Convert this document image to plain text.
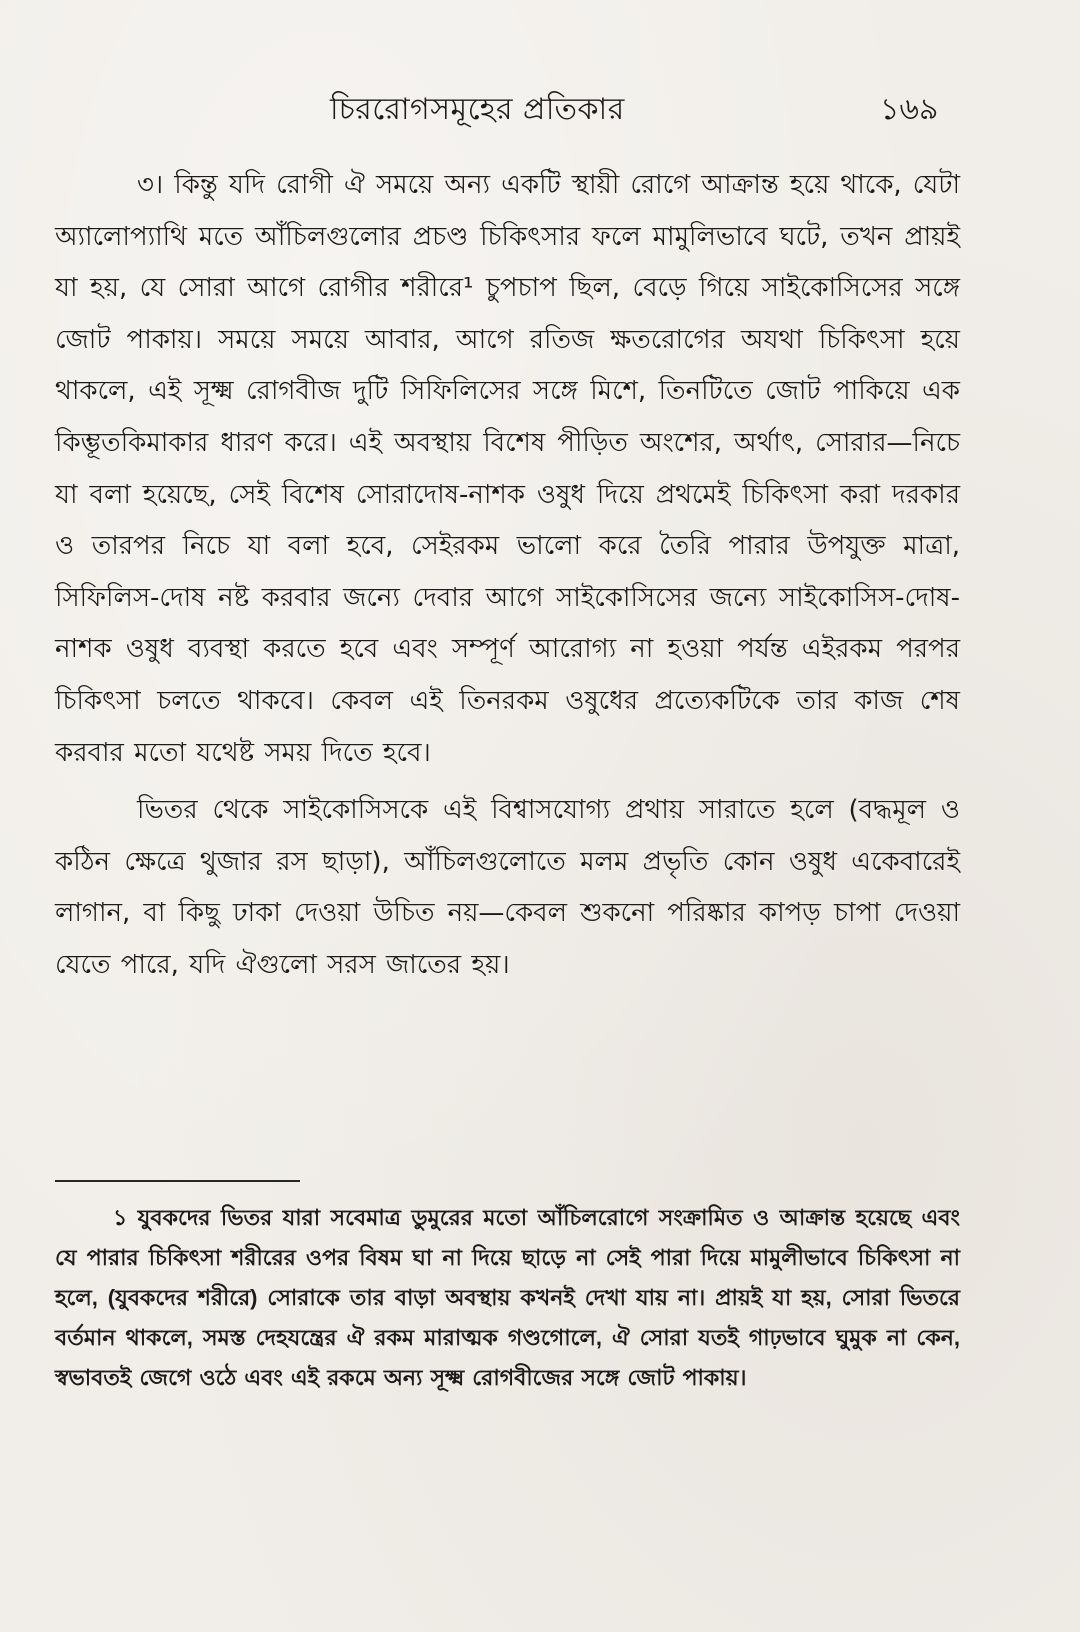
চিররোগসমূহের প্রতিকার	১৬৯

৩। কিন্তু যদি রোগী ঐ সময়ে অন্য একটি স্থায়ী রোগে আক্রান্ত হয়ে থাকে, যেটা অ্যালোপ্যাথি মতে আঁচিলগুলোর প্রচণ্ড চিকিৎসার ফলে মামুলিভাবে ঘটে, তখন প্রায়ই যা হয়, যে সোরা আগে রোগীর শরীরে¹ চুপচাপ ছিল, বেড়ে গিয়ে সাইকোসিসের সঙ্গে জোট পাকায়। সময়ে সময়ে আবার, আগে রতিজ ক্ষতরোগের অযথা চিকিৎসা হয়ে থাকলে, এই সূক্ষ্ম রোগবীজ দুটি সিফিলিসের সঙ্গে মিশে, তিনটিতে জোট পাকিয়ে এক কিম্ভূতকিমাকার ধারণ করে। এই অবস্থায় বিশেষ পীড়িত অংশের, অর্থাৎ, সোরার—নিচে যা বলা হয়েছে, সেই বিশেষ সোরাদোষ-নাশক ওষুধ দিয়ে প্রথমেই চিকিৎসা করা দরকার ও তারপর নিচে যা বলা হবে, সেইরকম ভালো করে তৈরি পারার উপযুক্ত মাত্রা, সিফিলিস-দোষ নষ্ট করবার জন্যে দেবার আগে সাইকোসিসের জন্যে সাইকোসিস-দোষ-নাশক ওষুধ ব্যবস্থা করতে হবে এবং সম্পূর্ণ আরোগ্য না হওয়া পর্যন্ত এইরকম পরপর চিকিৎসা চলতে থাকবে। কেবল এই তিনরকম ওষুধের প্রত্যেকটিকে তার কাজ শেষ করবার মতো যথেষ্ট সময় দিতে হবে।

ভিতর থেকে সাইকোসিসকে এই বিশ্বাসযোগ্য প্রথায় সারাতে হলে (বদ্ধমূল ও কঠিন ক্ষেত্রে থুজার রস ছাড়া), আঁচিলগুলোতে মলম প্রভৃতি কোন ওষুধ একেবারেই লাগান, বা কিছু ঢাকা দেওয়া উচিত নয়—কেবল শুকনো পরিষ্কার কাপড় চাপা দেওয়া যেতে পারে, যদি ঐগুলো সরস জাতের হয়।

১ যুবকদের ভিতর যারা সবেমাত্র ডুমুরের মতো আঁচিলরোগে সংক্রামিত ও আক্রান্ত হয়েছে এবং যে পারার চিকিৎসা শরীরের ওপর বিষম ঘা না দিয়ে ছাড়ে না সেই পারা দিয়ে মামুলীভাবে চিকিৎসা না হলে, (যুবকদের শরীরে) সোরাকে তার বাড়া অবস্থায় কখনই দেখা যায় না। প্রায়ই যা হয়, সোরা ভিতরে বর্তমান থাকলে, সমস্ত দেহযন্ত্রের ঐ রকম মারাত্মক গণ্ডগোলে, ঐ সোরা যতই গাঢ়ভাবে ঘুমুক না কেন, স্বভাবতই জেগে ওঠে এবং এই রকমে অন্য সূক্ষ্ম রোগবীজের সঙ্গে জোট পাকায়।
